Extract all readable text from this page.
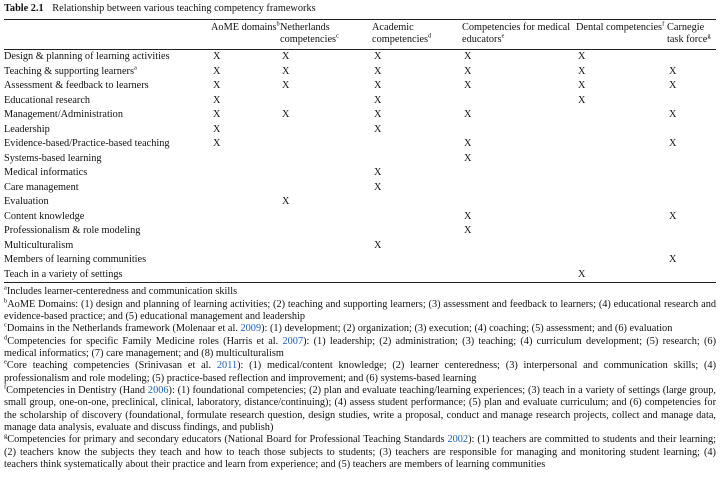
Table 2.1 Relationship between various teaching competency frameworks
	AoME domains$^b$	Netherlands competencies$^c$	Academic competencies$^d$	Competencies for medical educators$^e$	Dental competencies$^f$	Carnegie task force$^g$
Design & planning of learning activities	X	X	X	X	X	
Teaching & supporting learners$^a$	X	X	X	X	X	X
Assessment & feedback to learners	X	X	X	X	X	X
Educational research	X		X		X	
Management/Administration	X	X	X	X		X
Leadership	X		X			
Evidence-based/Practice-based teaching	X			X		X
Systems-based learning				X		
Medical informatics			X			
Care management			X			
Evaluation		X				
Content knowledge				X		X
Professionalism & role modeling				X		
Multiculturalism			X			
Members of learning communities						X
Teach in a variety of settings					X	
$^a$Includes learner-centeredness and communication skills
$^b$AoME Domains: (1) design and planning of learning activities; (2) teaching and supporting learners; (3) assessment and feedback to learners; (4) educational research and evidence-based practice; and (5) educational management and leadership
$^c$Domains in the Netherlands framework (Molenaar et al. 2009): (1) development; (2) organization; (3) execution; (4) coaching; (5) assessment; and (6) evaluation
$^d$Competencies for specific Family Medicine roles (Harris et al. 2007): (1) leadership; (2) administration; (3) teaching; (4) curriculum development; (5) research; (6) medical informatics; (7) care management; and (8) multiculturalism
$^e$Core teaching competencies (Srinivasan et al. 2011): (1) medical/content knowledge; (2) learner centeredness; (3) interpersonal and communication skills; (4) professionalism and role modeling; (5) practice-based reflection and improvement; and (6) systems-based learning
$^f$Competencies in Dentistry (Hand 2006): (1) foundational competencies; (2) plan and evaluate teaching/learning experiences; (3) teach in a variety of settings (large group, small group, one-on-one, preclinical, clinical, laboratory, distance/continuing); (4) assess student performance; (5) plan and evaluate curriculum; and (6) competencies for the scholarship of discovery (foundational, formulate research question, design studies, write a proposal, conduct and manage research projects, collect and manage data, manage data analysis, evaluate and discuss findings, and publish)
$^g$Competencies for primary and secondary educators (National Board for Professional Teaching Standards 2002): (1) teachers are committed to students and their learning; (2) teachers know the subjects they teach and how to teach those subjects to students; (3) teachers are responsible for managing and monitoring student learning; (4) teachers think systematically about their practice and learn from experience; and (5) teachers are members of learning communities
